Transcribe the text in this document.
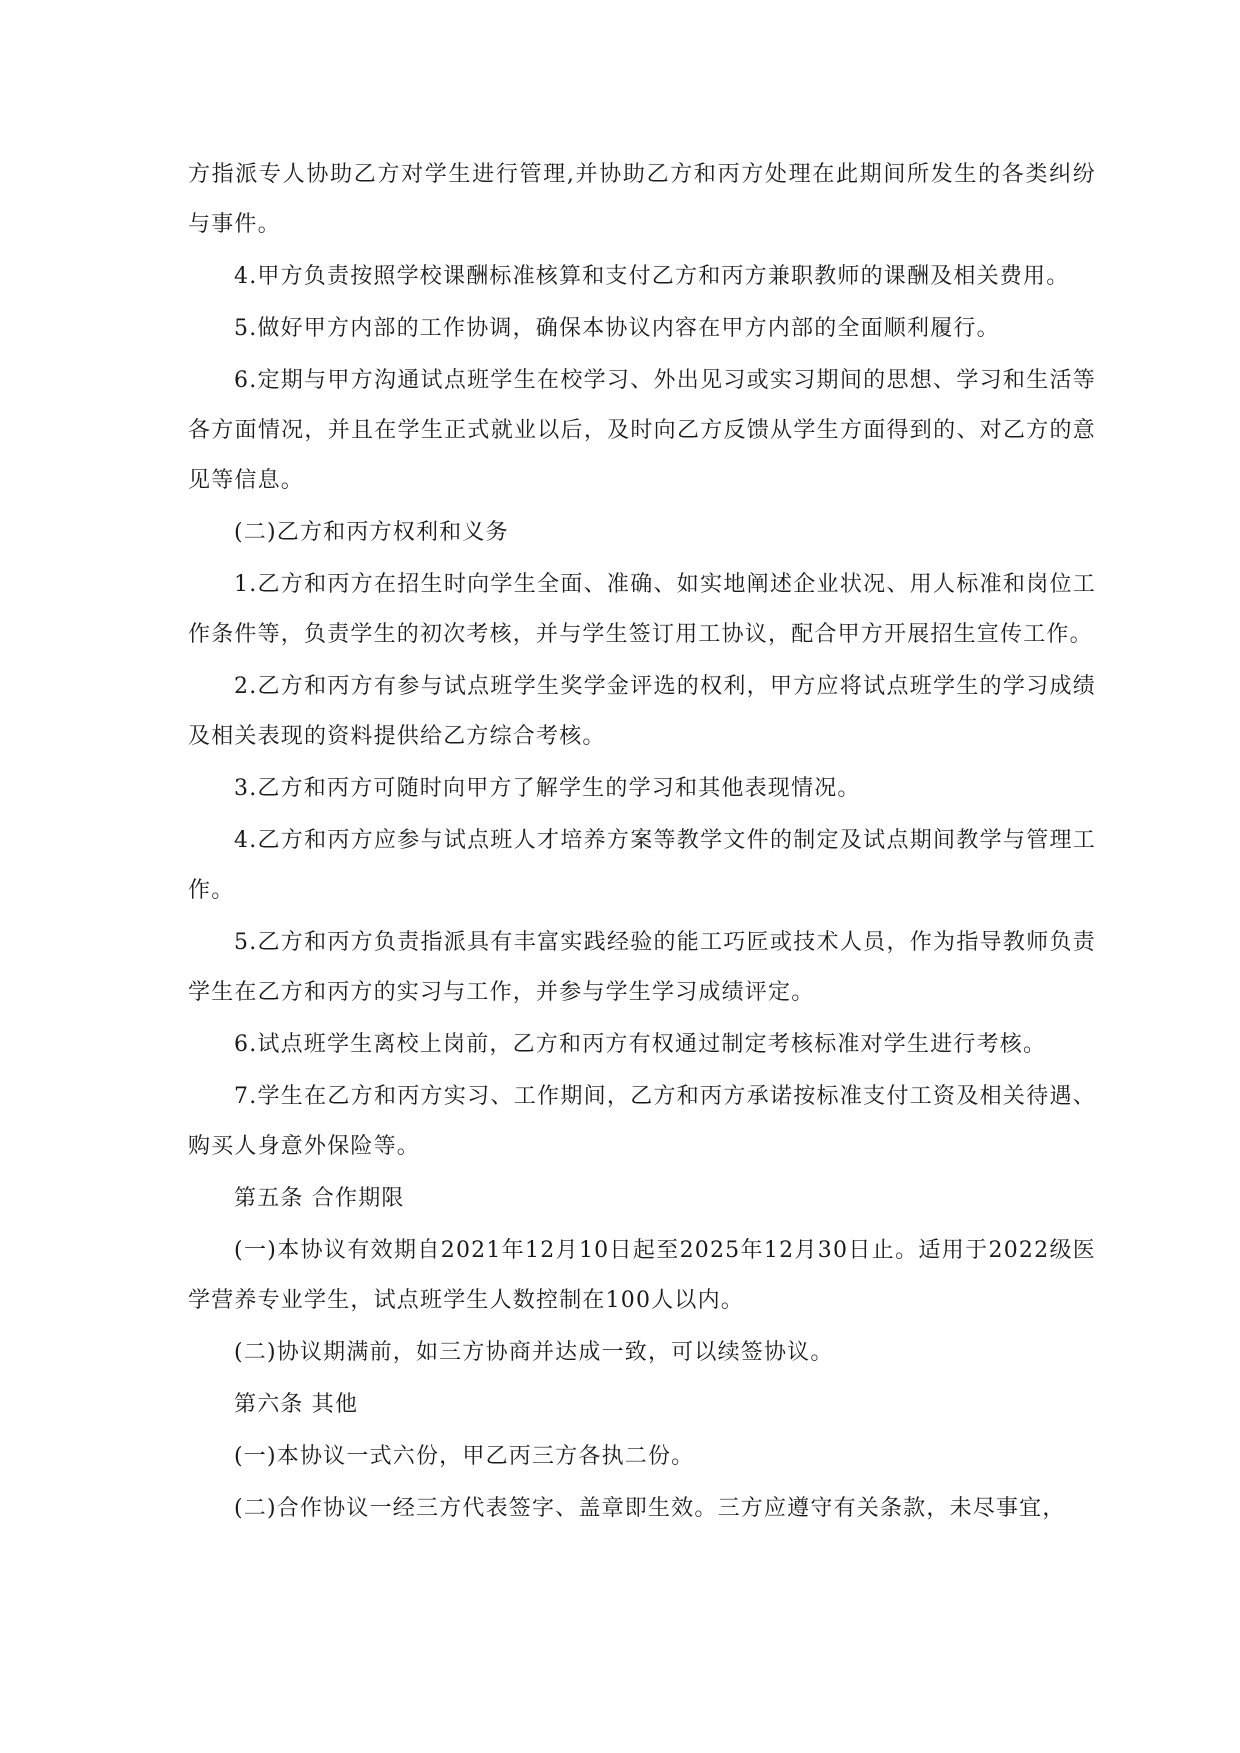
方指派专人协助乙方对学生进行管理,并协助乙方和丙方处理在此期间所发生的各类纠纷与事件。

4.甲方负责按照学校课酬标准核算和支付乙方和丙方兼职教师的课酬及相关费用。

5.做好甲方内部的工作协调，确保本协议内容在甲方内部的全面顺利履行。

6.定期与甲方沟通试点班学生在校学习、外出见习或实习期间的思想、学习和生活等各方面情况，并且在学生正式就业以后，及时向乙方反馈从学生方面得到的、对乙方的意见等信息。

(二)乙方和丙方权利和义务

1.乙方和丙方在招生时向学生全面、准确、如实地阐述企业状况、用人标准和岗位工作条件等，负责学生的初次考核，并与学生签订用工协议，配合甲方开展招生宣传工作。

2.乙方和丙方有参与试点班学生奖学金评选的权利，甲方应将试点班学生的学习成绩及相关表现的资料提供给乙方综合考核。

3.乙方和丙方可随时向甲方了解学生的学习和其他表现情况。

4.乙方和丙方应参与试点班人才培养方案等教学文件的制定及试点期间教学与管理工作。

5.乙方和丙方负责指派具有丰富实践经验的能工巧匠或技术人员，作为指导教师负责学生在乙方和丙方的实习与工作，并参与学生学习成绩评定。

6.试点班学生离校上岗前，乙方和丙方有权通过制定考核标准对学生进行考核。

7.学生在乙方和丙方实习、工作期间，乙方和丙方承诺按标准支付工资及相关待遇、购买人身意外保险等。

第五条 合作期限

(一)本协议有效期自2021年12月10日起至2025年12月30日止。适用于2022级医学营养专业学生，试点班学生人数控制在100人以内。

(二)协议期满前，如三方协商并达成一致，可以续签协议。

第六条 其他

(一)本协议一式六份，甲乙丙三方各执二份。

(二)合作协议一经三方代表签字、盖章即生效。三方应遵守有关条款，未尽事宜，
